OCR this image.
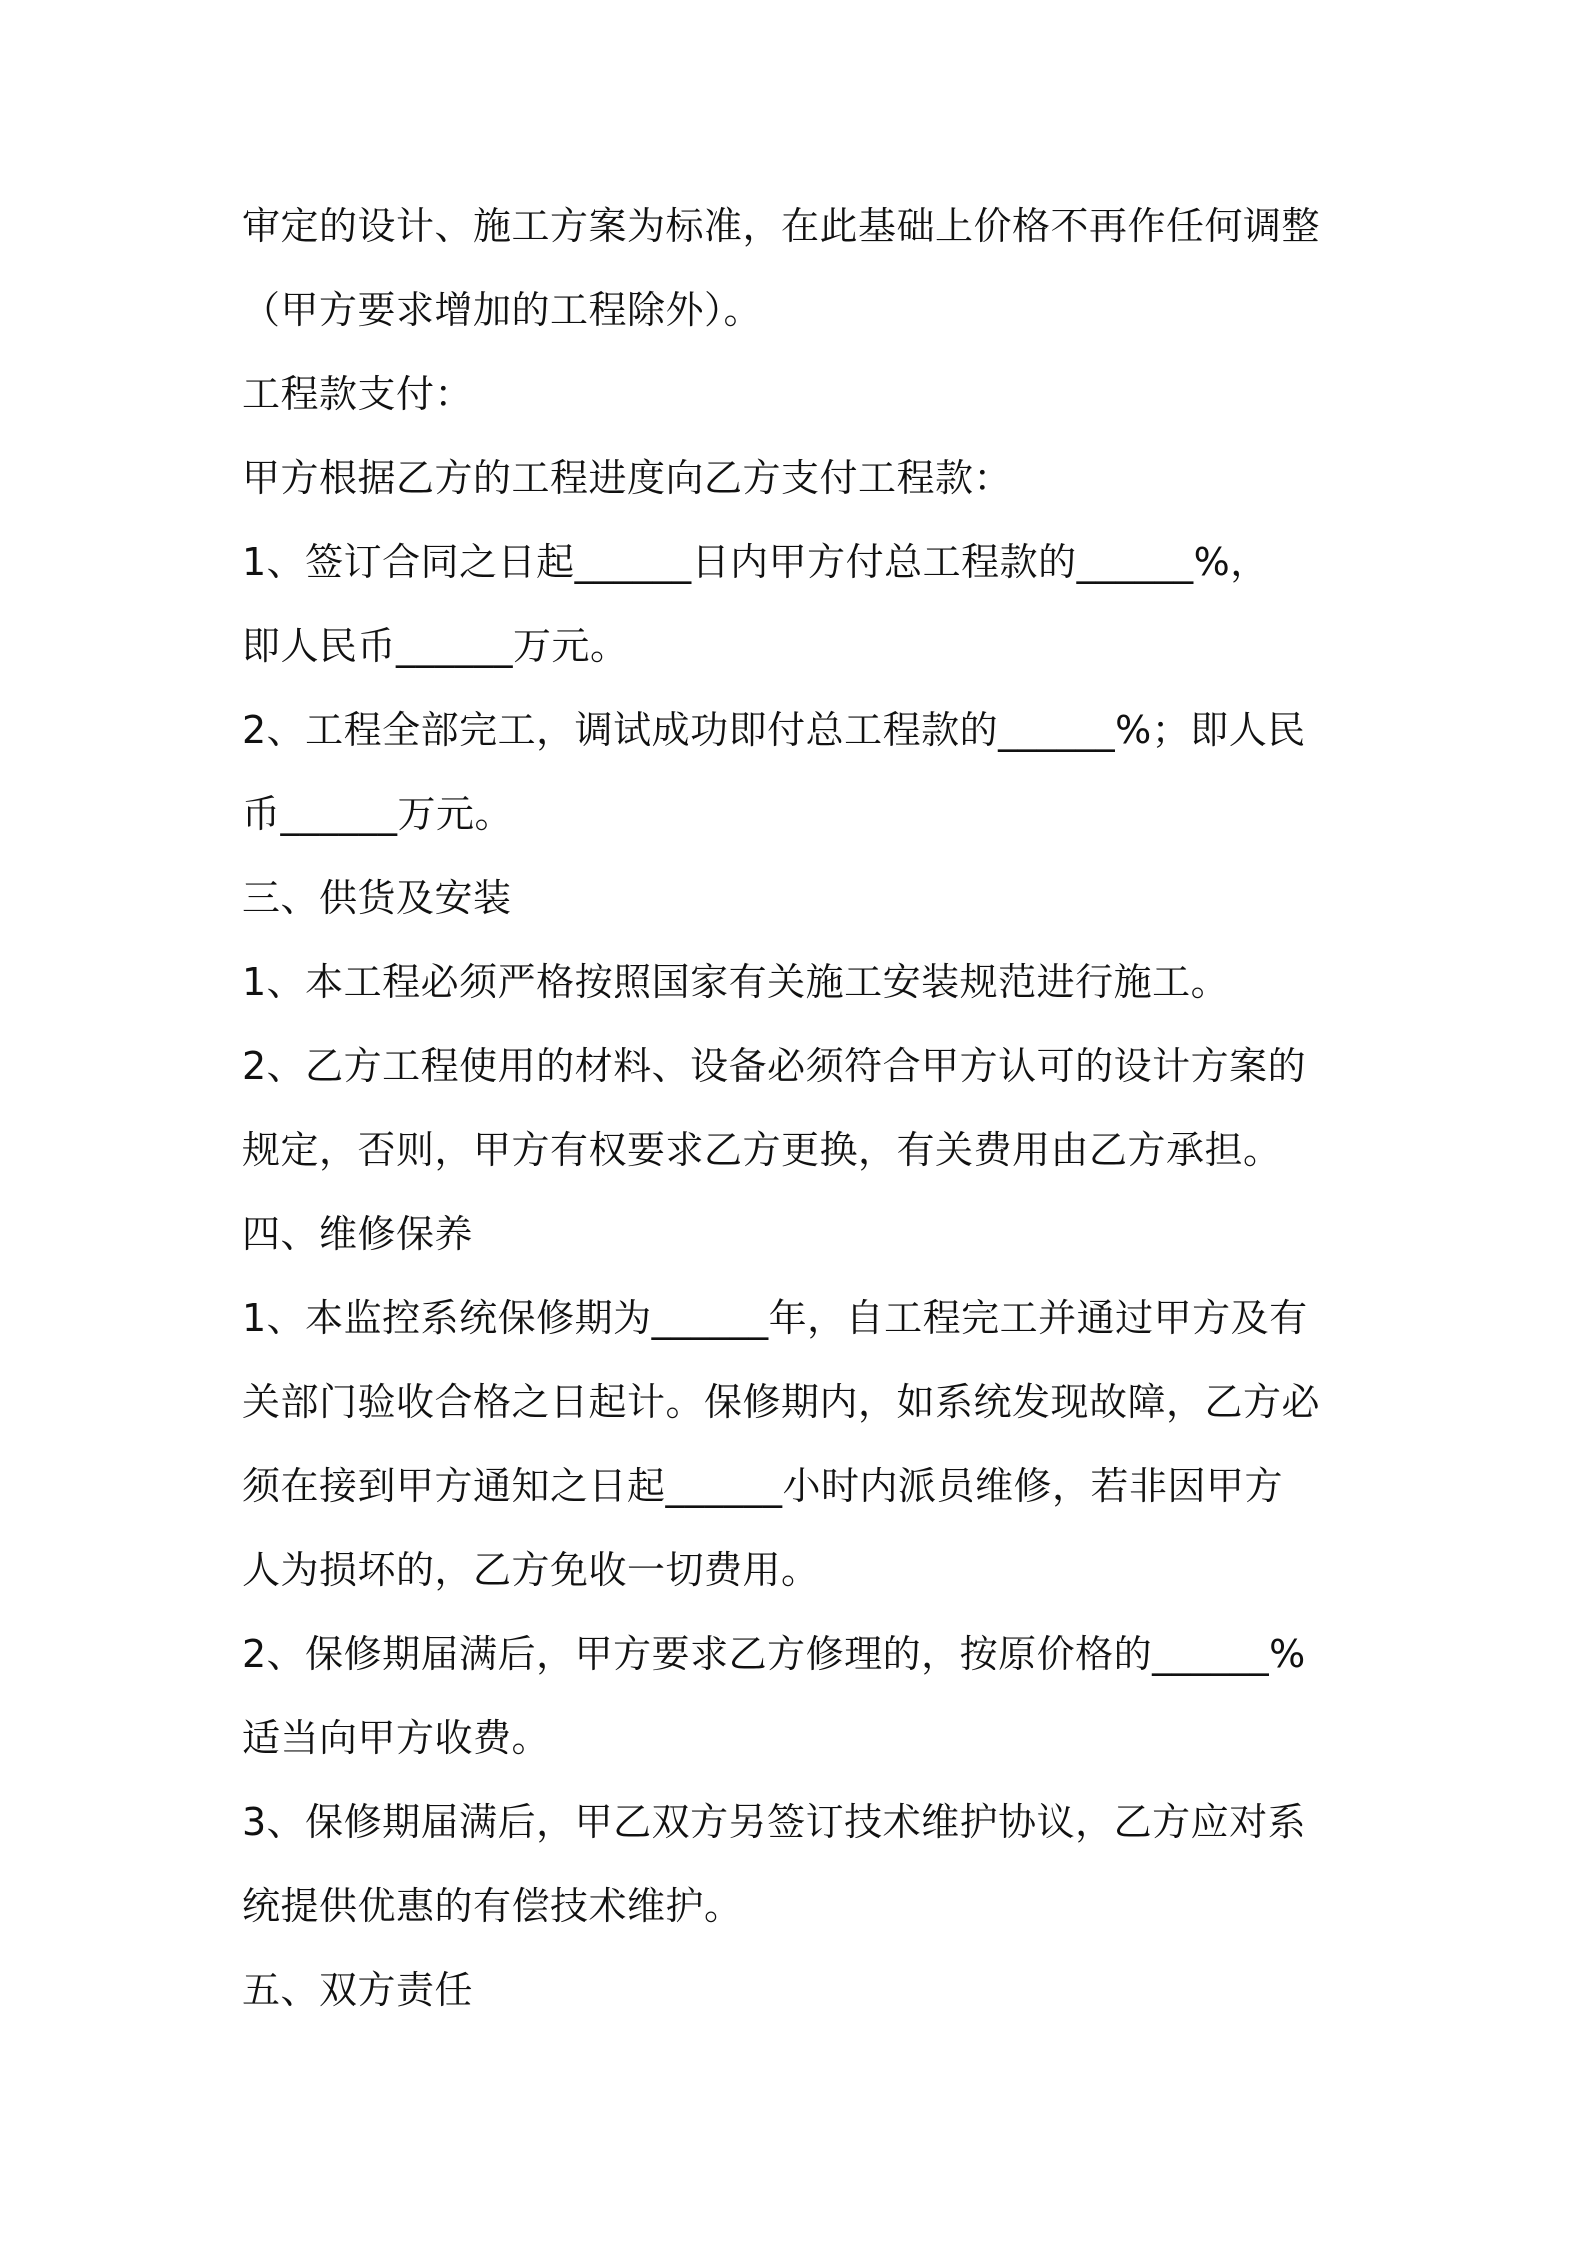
审定的设计、施工方案为标准，在此基础上价格不再作任何调整
（甲方要求增加的工程除外）。
工程款支付：
甲方根据乙方的工程进度向乙方支付工程款：
1、签订合同之日起______日内甲方付总工程款的______%，
即人民币______万元。
2、工程全部完工，调试成功即付总工程款的______%；即人民
币______万元。
三、供货及安装
1、本工程必须严格按照国家有关施工安装规范进行施工。
2、乙方工程使用的材料、设备必须符合甲方认可的设计方案的
规定，否则，甲方有权要求乙方更换，有关费用由乙方承担。
四、维修保养
1、本监控系统保修期为______年，自工程完工并通过甲方及有
关部门验收合格之日起计。保修期内，如系统发现故障，乙方必
须在接到甲方通知之日起______小时内派员维修，若非因甲方
人为损坏的，乙方免收一切费用。
2、保修期届满后，甲方要求乙方修理的，按原价格的______%
适当向甲方收费。
3、保修期届满后，甲乙双方另签订技术维护协议，乙方应对系
统提供优惠的有偿技术维护。
五、双方责任
